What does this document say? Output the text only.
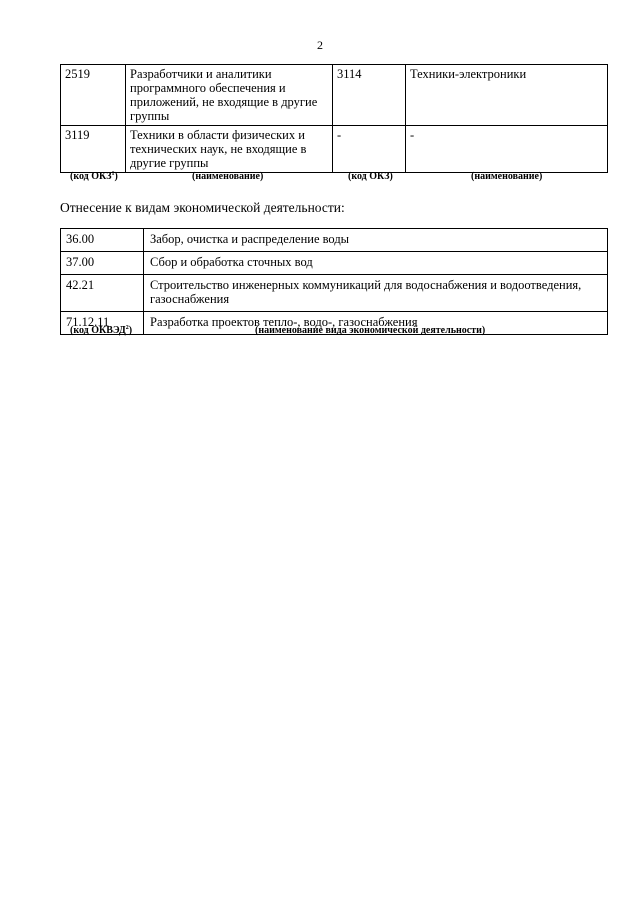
2
2519	Разработчики и аналитики программного обеспечения и приложений, не входящие в другие группы	3114	Техники-электроники
3119	Техники в области физических и технических наук, не входящие в другие группы	-	-
(код ОКЗ$^1$)	(наименование)	(код ОКЗ)	(наименование)
Отнесение к видам экономической деятельности:
36.00	Забор, очистка и распределение воды
37.00	Сбор и обработка сточных вод
42.21	Строительство инженерных коммуникаций для водоснабжения и водоотведения, газоснабжения
71.12.11	Разработка проектов тепло-, водо-, газоснабжения
(код ОКВЭД$^2$)	(наименование вида экономической деятельности)
